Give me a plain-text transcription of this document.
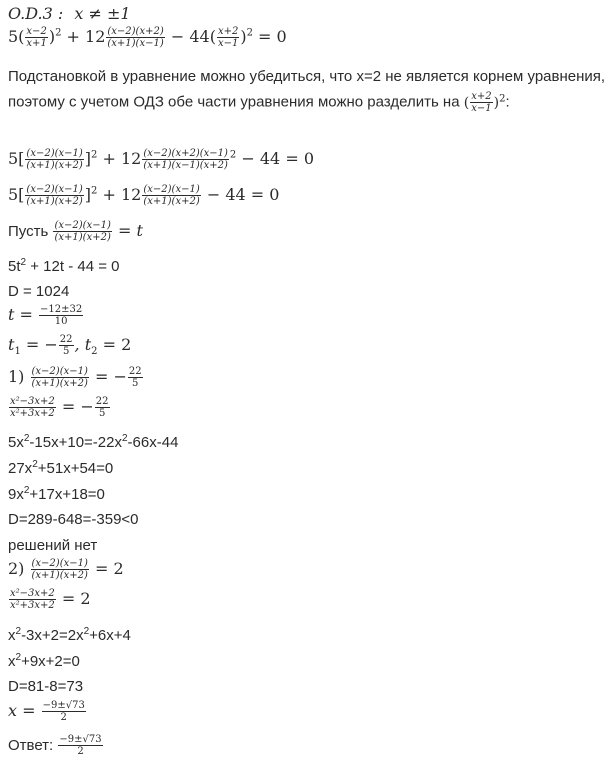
O.D.3 : x ≠ ±1
$5( \frac{x-2}{x+1} )^2 + 12 \frac{(x-2)(x+2)}{(x+1)(x-1)} - 44( \frac{x+2}{x-1} )^2 = 0$
Подстановкой в уравнение можно убедиться, что x=2 не является корнем уравнения, поэтому с учетом ОДЗ обе части уравнения можно разделить на ( $\frac{x+2}{x-1} )^2$:
$5[ \frac{(x-2)(x-1)}{(x+1)(x+2)} ]^2 + 12 \frac{(x-2)(x+2)(x-1)}{(x+1)(x-1)(x+2)} ^2 - 44 = 0$
$5[ \frac{(x-2)(x-1)}{(x+1)(x+2)} ]^2 + 12 \frac{(x-2)(x-1)}{(x+1)(x+2)} - 44 = 0$
Пусть $\frac{(x-2)(x-1)}{(x+1)(x+2)} = t$
$5t^2 + 12t - 44 = 0$
D = 1024
$t = \frac{-12\pm 32}{10}$
$t_1$ = − $\frac{22}{5}$ , $t_2 = 2$
$1) \frac{(x-2)(x-1)}{(x+1)(x+2)}$ = − $\frac{22}{5}$
$\frac{\text{x²−3x+2}}{\text{x²+3x+2}}$ = − $\frac{22}{5}$
$5x^2-15x+10=-22x^2-66x-44$
$27x^2+51x+54=0$
$9x^2+17x+18=0$
D=289-648=-359<0
решений нет
$2) \frac{(x-2)(x-1)}{(x+1)(x+2)} = 2$
$\frac{\text{x²−3x+2}}{\text{x²+3x+2}} = 2$
$x^2-3x+2=2x^2+6x+4$
$x^2+9x+2=0$
D=81-8=73
$x = \frac{-9\pm√73}{2}$
Ответ: $\frac{-9\pm√73}{2}$
